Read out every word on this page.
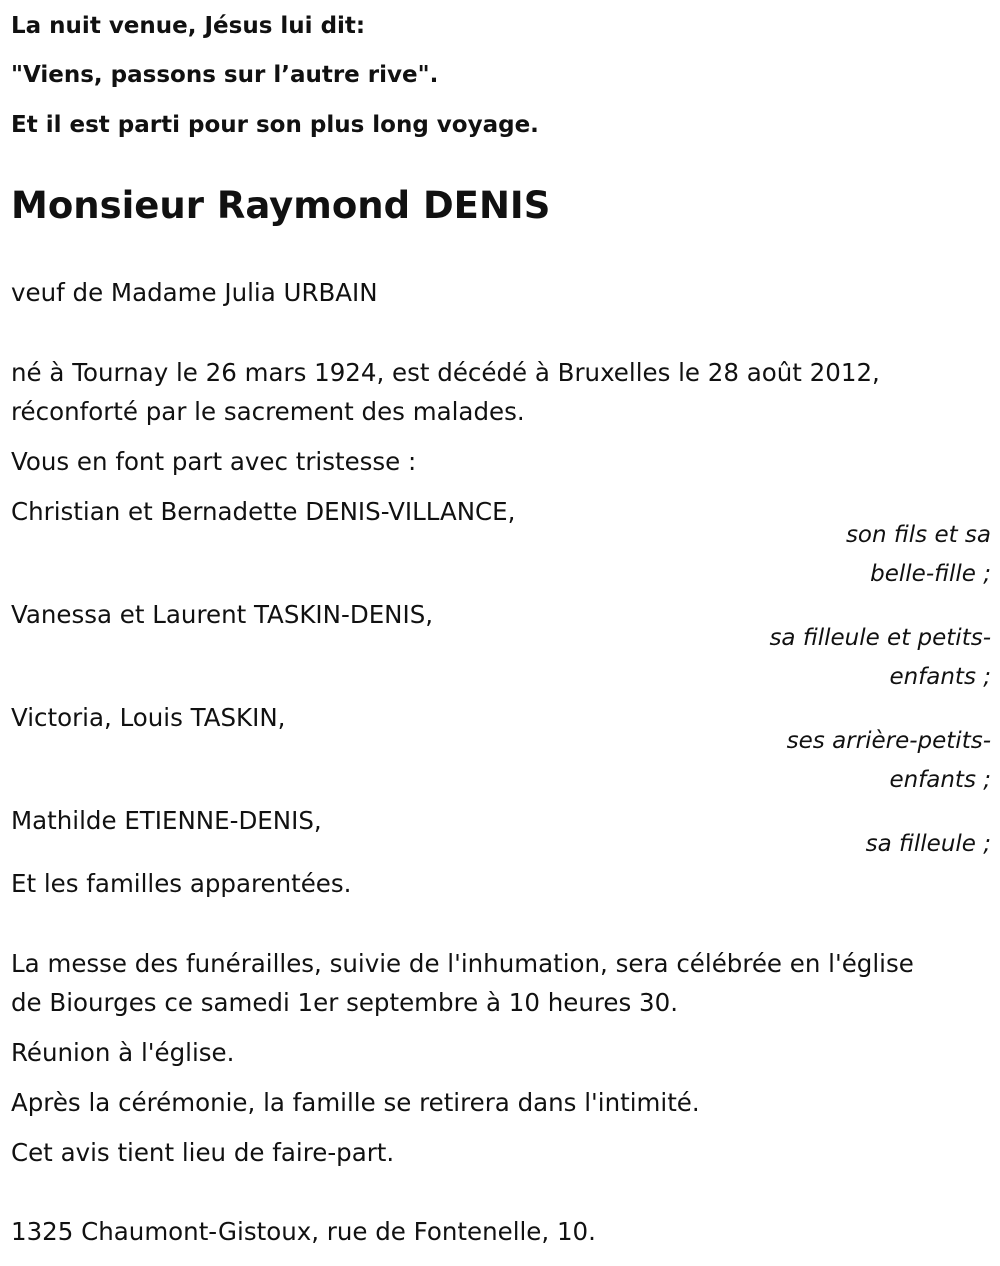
La nuit venue, Jésus lui dit:

"Viens, passons sur l’autre rive".

Et il est parti pour son plus long voyage.

Monsieur Raymond DENIS

veuf de Madame Julia URBAIN

né à Tournay le 26 mars 1924, est décédé à Bruxelles le 28 août 2012,

réconforté par le sacrement des malades.

Vous en font part avec tristesse :

Christian et Bernadette DENIS-VILLANCE,

son fils et sa

belle-fille ;

Vanessa et Laurent TASKIN-DENIS,

sa filleule et petits-

enfants ;

Victoria, Louis TASKIN,

ses arrière-petits-

enfants ;

Mathilde ETIENNE-DENIS,

sa filleule ;

Et les familles apparentées.

La messe des funérailles, suivie de l'inhumation, sera célébrée en l'église

de Biourges ce samedi 1er septembre à 10 heures 30.

Réunion à l'église.

Après la cérémonie, la famille se retirera dans l'intimité.

Cet avis tient lieu de faire-part.

1325 Chaumont-Gistoux, rue de Fontenelle, 10.
